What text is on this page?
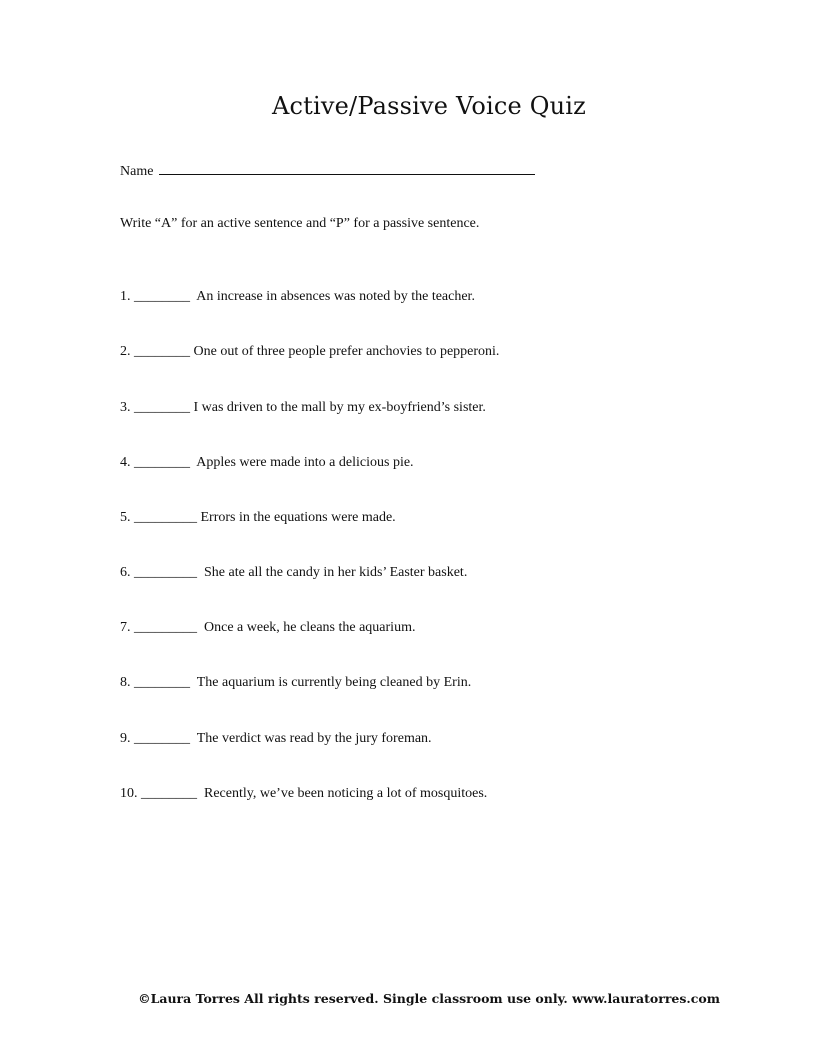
Active/Passive Voice Quiz
Name
Write “A” for an active sentence and “P” for a passive sentence.
1. ________  An increase in absences was noted by the teacher.
2. ________ One out of three people prefer anchovies to pepperoni.
3. ________ I was driven to the mall by my ex-boyfriend’s sister.
4. ________  Apples were made into a delicious pie.
5. _________ Errors in the equations were made.
6. _________  She ate all the candy in her kids’ Easter basket.
7. _________  Once a week, he cleans the aquarium.
8. ________  The aquarium is currently being cleaned by Erin.
9. ________  The verdict was read by the jury foreman.
10. ________  Recently, we’ve been noticing a lot of mosquitoes.
©Laura Torres All rights reserved. Single classroom use only. www.lauratorres.com
